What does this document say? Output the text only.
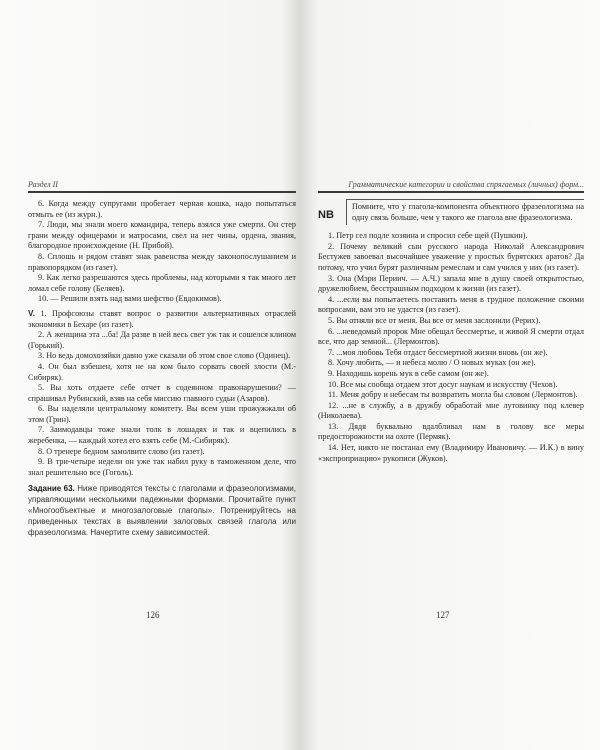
Раздел II

6. Когда между супругами пробегает черная кошка, надо попытаться отмыть ее (из журн.).

7. Люди, мы знали моего командира, теперь взялся уже смерти. Он стер грани между офицерами и матросами, свел на нет чины, ордена, звания, благородное происхождение (Н. Прибой).

8. Сплошь и рядом ставят знак равенства между законопослушанием и правопорядком (из газет).

9. Как легко разрешаются здесь проблемы, над которыми я так много лет ломал себе голову (Беляев).

10. — Решили взять над вами шефство (Евдокимов).

V. 1. Профсоюзы ставят вопрос о развитии альтернативных отраслей экономики в Бехаре (из газет).

2. А женщина эта ...ба! Да разве в ней весь свет уж так и сошелся клином (Горький).

3. Но ведь домохозяйки давно уже сказали об этом свое слово (Одинец).

4. Он был взбешен, хотя не на ком было сорвать своей злости (М.-Сибиряк).

5. Вы хоть отдаете себе отчет в содеянном правонарушении? — спрашивал Рубинский, взяв на себя миссию главного судьи (Азаров).

6. Вы наделяли центральному комитету. Вы всем уши прожужжали об этом (Грин).

7. Заимодавцы тоже знали толк в лошадях и так и вцепились в жеребенка, — каждый хотел его взять себе (М.-Сибиряк).

8. О тренере бедном замолвите слово (из газет).

9. В три-четыре недели он уже так набил руку в таможенном деле, что знал решительно все (Гоголь).

Задание 63. Ниже приводятся тексты с глаголами и фразеологизмами, управляющими несколькими падежными формами. Прочитайте пункт «Многообъектные и многозалоговые глаголы». Потренируйтесь на приведенных текстах в выявлении залоговых связей глагола или фразеологизма. Начертите схему зависимостей.
126
Грамматические категории и свойства спрягаемых (личных) форм...
NB
Помните, что у глагола-компонента объектного фразеологизма на одну связь больше, чем у такого же глагола вне фразеологизма.

1. Петр сел подле хозяина и спросил себе щей (Пушкин).

2. Почему великий сын русского народа Николай Александрович Бестужев завоевал высочайшее уважение у простых бурятских аратов? Да потому, что учил бурят различным ремеслам и сам учился у них (из газет).

3. Она (Мэри Периич. — А.Ч.) запала мне в душу своей открытостью, дружелюбием, бесстрашным подходом к жизни (из газет).

4. ...если вы попытаетесь поставить меня в трудное положение своими вопросами, вам это не удастся (из газет).

5. Вы отняли все от меня. Вы все от меня заслонили (Рерих).

6. ...неведомый пророк Мне обещал бессмертье, и живой Я смерти отдал все, что дар земной... (Лермонтов).

7. ...моя любовь Тебя отдаст бессмертной жизни вновь (он же).

8. Хочу любить, — и небеса молю / О новых муках (он же).

9. Находишь корень мук в себе самом (он же).

10. Все мы сообща отдаем этот досуг наукам и искусству (Чехов).

11. Меня добру и небесам ты возвратить могла бы словом (Лермонтов).

12. ...не в службу, а в дружбу обработай мне лутовинку под клевер (Николаева).

13. Дядя буквально вдалбливал нам в голову все меры предосторожности на охоте (Пермяк).

14. Нет, никто не постанал ему (Владимиру Ивановичу. — И.К.) в вину «экспроприацию» рукописи (Жуков).

127
